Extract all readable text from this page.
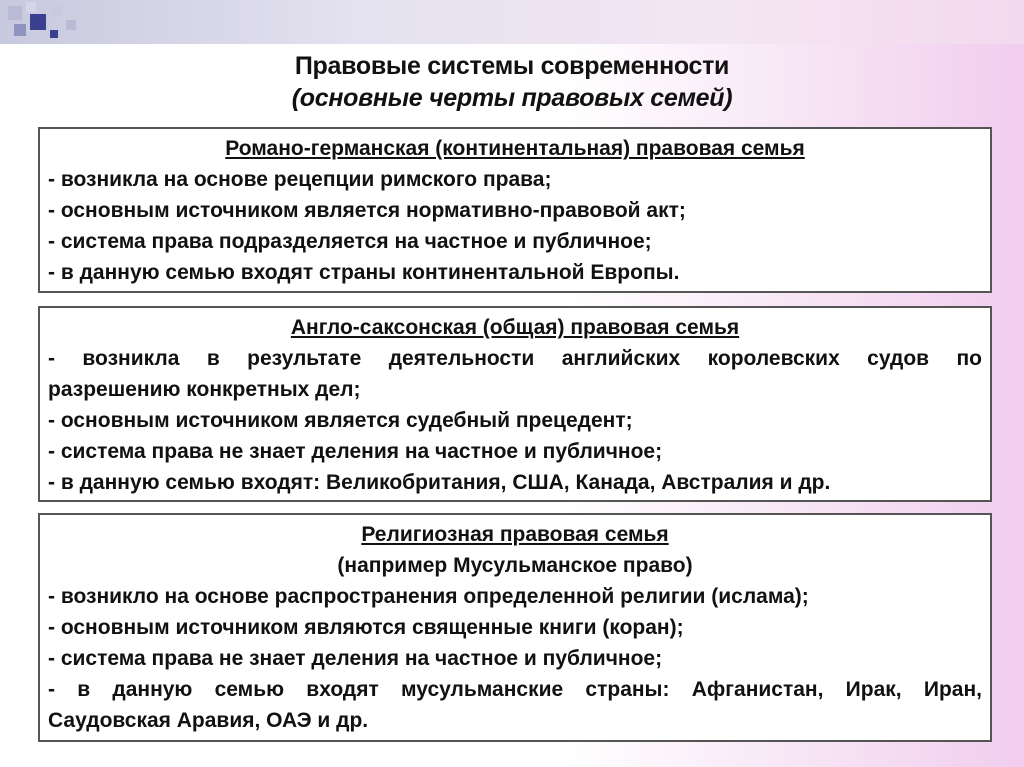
Правовые системы современности
(основные черты правовых семей)
Романо-германская (континентальная) правовая семья
- возникла на основе рецепции римского права;
- основным источником является нормативно-правовой акт;
- система права подразделяется на частное и публичное;
- в данную семью входят страны континентальной Европы.
Англо-саксонская (общая) правовая семья
- возникла в результате деятельности английских королевских судов по
разрешению конкретных дел;
- основным источником является судебный прецедент;
- система права не знает деления на частное и публичное;
- в данную семью входят: Великобритания, США, Канада, Австралия и др.
Религиозная правовая семья
(например Мусульманское право)
- возникло на основе распространения определенной религии (ислама);
- основным источником являются священные книги (коран);
- система права не знает деления на частное и публичное;
- в данную семью входят мусульманские страны: Афганистан, Ирак, Иран,
Саудовская Аравия, ОАЭ и др.
